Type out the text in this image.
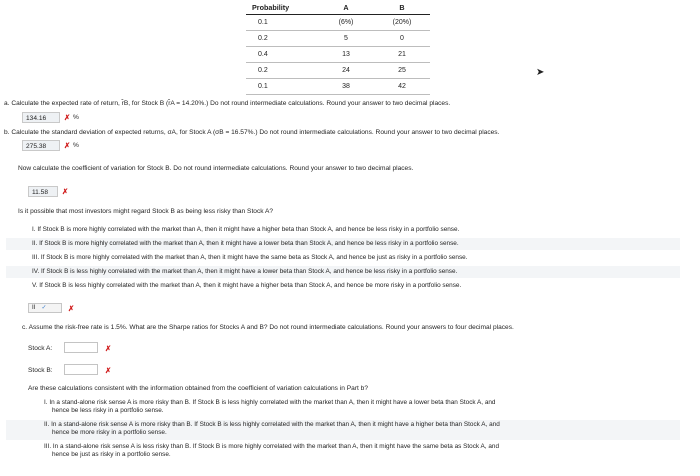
Probability	A	B
0.1	(6%)	(20%)
0.2	5	0
0.4	13	21
0.2	24	25
0.1	38	42
➤
a. Calculate the expected rate of return, r̂B, for Stock B (r̂A = 14.20%.) Do not round intermediate calculations. Round your answer to two decimal places.
134.16	✗ %
b. Calculate the standard deviation of expected returns, σA, for Stock A (σB = 16.57%.) Do not round intermediate calculations. Round your answer to two decimal places.
275.38	✗ %
Now calculate the coefficient of variation for Stock B. Do not round intermediate calculations. Round your answer to two decimal places.
11.58	✗
Is it possible that most investors might regard Stock B as being less risky than Stock A?
I. If Stock B is more highly correlated with the market than A, then it might have a higher beta than Stock A, and hence be less risky in a portfolio sense.
II. If Stock B is more highly correlated with the market than A, then it might have a lower beta than Stock A, and hence be less risky in a portfolio sense.
III. If Stock B is more highly correlated with the market than A, then it might have the same beta as Stock A, and hence be just as risky in a portfolio sense.
IV. If Stock B is less highly correlated with the market than A, then it might have a lower beta than Stock A, and hence be less risky in a portfolio sense.
V. If Stock B is less highly correlated with the market than A, then it might have a higher beta than Stock A, and hence be more risky in a portfolio sense.
II ✓	✗
c. Assume the risk-free rate is 1.5%. What are the Sharpe ratios for Stocks A and B? Do not round intermediate calculations. Round your answers to four decimal places.
Stock A:	✗
Stock B:	✗
Are these calculations consistent with the information obtained from the coefficient of variation calculations in Part b?
I. In a stand-alone risk sense A is more risky than B. If Stock B is less highly correlated with the market than A, then it might have a lower beta than Stock A, and
hence be less risky in a portfolio sense.
II. In a stand-alone risk sense A is more risky than B. If Stock B is less highly correlated with the market than A, then it might have a higher beta than Stock A, and
hence be more risky in a portfolio sense.
III. In a stand-alone risk sense A is less risky than B. If Stock B is more highly correlated with the market than A, then it might have the same beta as Stock A, and
hence be just as risky in a portfolio sense.
